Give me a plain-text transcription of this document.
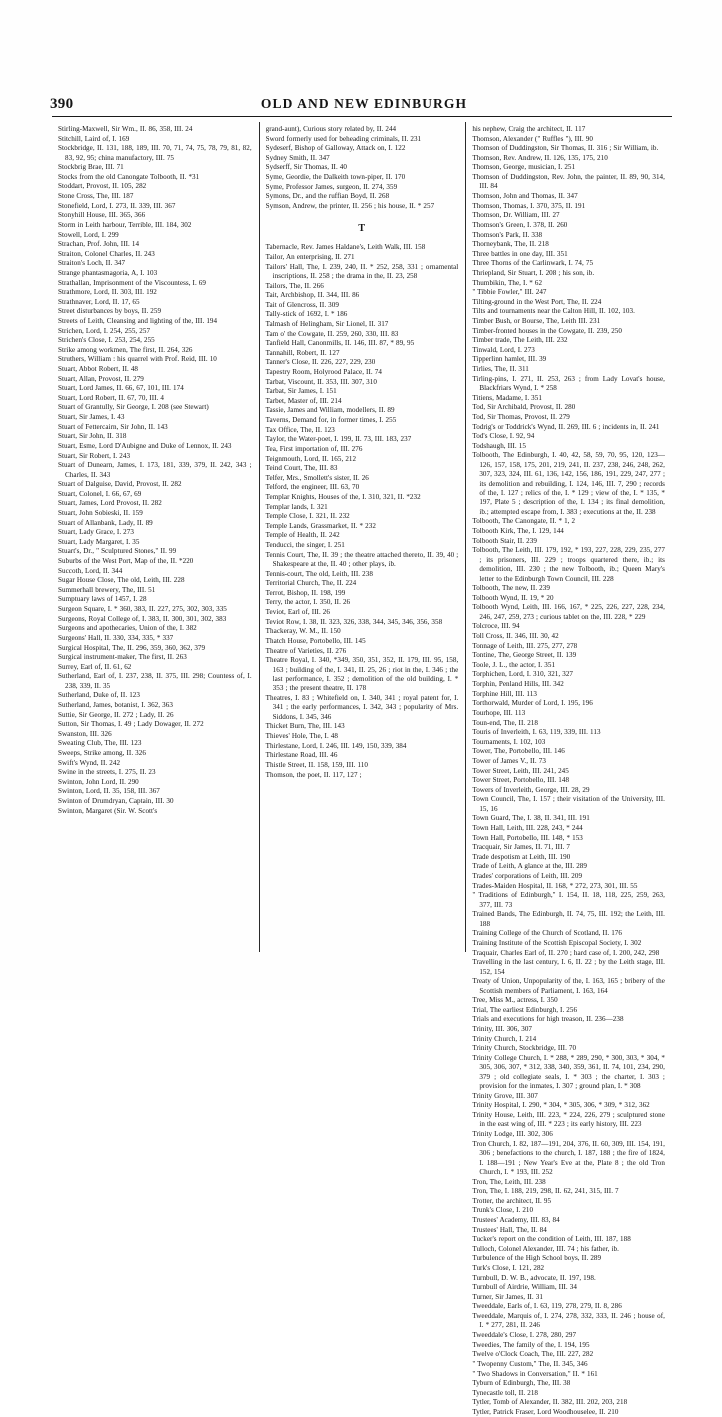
390	OLD AND NEW EDINBURGH
Stirling-Maxwell, Sir Wm., II. 86, 358, III. 24
Stitchill, Laird of, I. 169
Stockbridge, II. 131, 188, 189, III. 70, 71, 74, 75, 78, 79, 81, 82, 83, 92, 95; china manufactory, III. 75
Stockbrig Brae, III. 71
Stocks from the old Canongate Tolbooth, II. *31
Stoddart, Provost, II. 105, 282
Stone Cross, The, III. 187
Stonefield, Lord, I. 273, II. 339, III. 367
Stonyhill House, III. 365, 366
Storm in Leith harbour, Terrible, III. 184, 302
Stowell, Lord, I. 299
Strachan, Prof. John, III. 14
Straiton, Colonel Charles, II. 243
Straiton's Loch, II. 347
Strange phantasmagoria, A, I. 103
Strathallan, Imprisonment of the Viscountess, I. 69
Strathmore, Lord, II. 303, III. 192
Strathnaver, Lord, II. 17, 65
Street disturbances by boys, II. 259
Streets of Leith, Cleansing and lighting of the, III. 194
Strichen, Lord, I. 254, 255, 257
Strichen's Close, I. 253, 254, 255
Strike among workmen, The first, II. 264, 326
Struthers, William : his quarrel with Prof. Reid, III. 10
Stuart, Abbot Robert, II. 48
Stuart, Allan, Provost, II. 279
Stuart, Lord James, II. 66, 67, 101, III. 174
Stuart, Lord Robert, II. 67, 70, III. 4
Stuart of Grantully, Sir George, I. 208 (see Stewart)
Stuart, Sir James, I. 43
Stuart of Fettercairn, Sir John, II. 143
Stuart, Sir John, II. 318
Stuart, Esme, Lord D'Aubigne and Duke of Lennox, II. 243
Stuart, Sir Robert, I. 243
Stuart of Dunearn, James, I. 173, 181, 339, 379, II. 242, 343 ; Charles, II. 343
Stuart of Dalguise, David, Provost, II. 282
Stuart, Colonel, I. 66, 67, 69
Stuart, James, Lord Provost, II. 282
Stuart, John Sobieski, II. 159
Stuart of Allanbank, Lady, II. 89
Stuart, Lady Grace, I. 273
Stuart, Lady Margaret, I. 35
Stuart's, Dr., " Sculptured Stones," II. 99
Suburbs of the West Port, Map of the, II. *220
Succoth, Lord, II. 344
Sugar House Close, The old, Leith, III. 228
Summerhall brewery, The, III. 51
Sumptuary laws of 1457, I. 28
Surgeon Square, I. * 360, 383, II. 227, 275, 302, 303, 335
Surgeons, Royal College of, I. 383, II. 300, 301, 302, 383
Surgeons and apothecaries, Union of the, I. 382
Surgeons' Hall, II. 330, 334, 335, * 337
Surgical Hospital, The, II. 296, 359, 360, 362, 379
Surgical instrument-maker, The first, II. 263
Surrey, Earl of, II. 61, 62
Sutherland, Earl of, I. 237, 238, II. 375, III. 298; Countess of, I. 238, 339, II. 35
Sutherland, Duke of, II. 123
Sutherland, James, botanist, I. 362, 363
Suttie, Sir George, II. 272 ; Lady, II. 26
Sutton, Sir Thomas, I. 49 ; Lady Dowager, II. 272
Swanston, III. 326
Sweating Club, The, III. 123
Sweeps, Strike among, II. 326
Swift's Wynd, II. 242
Swine in the streets, I. 275, II. 23
Swinton, John Lord, II. 290
Swinton, Lord, II. 35, 158, III. 367
Swinton of Drumdryan, Captain, III. 30
Swinton, Margaret (Sir. W. Scott's
grand-aunt), Curious story related by, II. 244
Sword formerly used for beheading criminals, II. 231
Sydeserf, Bishop of Galloway, Attack on, I. 122
Sydney Smith, II. 347
Sydserff, Sir Thomas, II. 40
Syme, Geordie, the Dalkeith town-piper, II. 170
Syme, Professor James, surgeon, II. 274, 359
Symons, Dr., and the ruffian Boyd, II. 268
Symson, Andrew, the printer, II. 256 ; his house, II. * 257
T
Tabernacle, Rev. James Haldane's, Leith Walk, III. 158
Tailor, An enterprising, II. 271
Tailors' Hall, The, I. 239, 240, II. * 252, 258, 331 ; ornamental inscriptions, II. 258 ; the drama in the, II. 23, 258
Tailors, The, II. 266
Tait, Archbishop, II. 344, III. 86
Tait of Glencross, II. 309
Tally-stick of 1692, I. * 186
Talmash of Helingham, Sir Lionel, II. 317
Tam o' the Cowgate, II. 259, 260, 330, III. 83
Tanfield Hall, Canonmills, II. 146, III. 87, * 89, 95
Tannahill, Robert, II. 127
Tanner's Close, II. 226, 227, 229, 230
Tapestry Room, Holyrood Palace, II. 74
Tarbat, Viscount, II. 353, III. 307, 310
Tarbat, Sir James, I. 151
Tarbet, Master of, III. 214
Tassie, James and William, modellers, II. 89
Taverns, Demand for, in former times, I. 255
Tax Office, The, II. 123
Taylor, the Water-poet, I. 199, II. 73, III. 183, 237
Tea, First importation of, III. 276
Teignmouth, Lord, II. 165, 212
Teind Court, The, III. 83
Telfer, Mrs., Smollett's sister, II. 26
Telford, the engineer, III. 63, 70
Templar Knights, Houses of the, I. 310, 321, II. *232
Templar lands, I. 321
Temple Close, I. 321, II. 232
Temple Lands, Grassmarket, II. * 232
Temple of Health, II. 242
Tenducci, the singer, I. 251
Tennis Court, The, II. 39 ; the theatre attached thereto, II. 39, 40 ; Shakespeare at the, II. 40 ; other plays, ib.
Tennis-court, The old, Leith, III. 238
Territorial Church, The, II. 224
Terrot, Bishop, II. 198, 199
Terry, the actor, I. 350, II. 26
Teviot, Earl of, III. 26
Teviot Row, I. 38, II. 323, 326, 338, 344, 345, 346, 356, 358
Thackeray, W. M., II. 150
Thatch House, Portobello, III. 145
Theatre of Varieties, II. 276
Theatre Royal, I. 340, *349, 350, 351, 352, II. 179, III. 95, 158, 163 ; building of the, I. 341, II. 25, 26 ; riot in the, I. 346 ; the last performance, I. 352 ; demolition of the old building, I. * 353 ; the present theatre, II. 178
Theatres, I. 83 ; Whitefield on, I. 340, 341 ; royal patent for, I. 341 ; the early performances, I. 342, 343 ; popularity of Mrs. Siddons, I. 345, 346
Thicket Burn, The, III. 143
Thieves' Hole, The, I. 48
Thirlestane, Lord, I. 246, III. 149, 150, 339, 384
Thirlestane Road, III. 46
Thistle Street, II. 158, 159, III. 110
Thomson, the poet, II. 117, 127 ;
his nephew, Craig the architect, II. 117
Thomson, Alexander (" Ruffles "), III. 90
Thomson of Duddingston, Sir Thomas, II. 316 ; Sir William, ib.
Thomson, Rev. Andrew, II. 126, 135, 175, 210
Thomson, George, musician, I. 251
Thomson of Duddingston, Rev. John, the painter, II. 89, 90, 314, III. 84
Thomson, John and Thomas, II. 347
Thomson, Thomas, I. 370, 375, II. 191
Thomson, Dr. William, III. 27
Thomson's Green, I. 378, II. 260
Thomson's Park, II. 338
Thorneybank, The, II. 218
Three battles in one day, III. 351
Three Thorns of the Carlinwark, I. 74, 75
Thriepland, Sir Stuart, I. 208 ; his son, ib.
Thumbikin, The, I. * 62
" Tibbie Fowler," III. 247
Tilting-ground in the West Port, The, II. 224
Tilts and tournaments near the Calton Hill, II. 102, 103.
Timber Bush, or Bourse, The, Leith III. 231
Timber-fronted houses in the Cowgate, II. 239, 250
Timber trade, The Leith, III. 232
Tinwald, Lord, I. 273
Tipperlinn hamlet, III. 39
Tirlies, The, II. 311
Tirling-pins, I. 271, II. 253, 263 ; from Lady Lovat's house, Blackfriars Wynd, I. * 258
Titiens, Madame, I. 351
Tod, Sir Archibald, Provost, II. 280
Tod, Sir Thomas, Provost, II. 279
Todrig's or Toddrick's Wynd, II. 269, III. 6 ; incidents in, II. 241
Tod's Close, I. 92, 94
Todshaugh, III. 15
Tolbooth, The Edinburgh, I. 40, 42, 58, 59, 70, 95, 120, 123—126, 157, 158, 175, 201, 219, 241, II. 237, 238, 246, 248, 262, 307, 323, 324, III. 61, 136, 142, 156, 186, 191, 229, 247, 277 ; its demolition and rebuilding, I. 124, 146, III. 7, 290 ; records of the, I. 127 ; relics of the, I. * 129 ; view of the, I. * 135, * 197, Plate 5 ; description of the, I. 134 ; its final demolition, ib.; attempted escape from, I. 383 ; executions at the, II. 238
Tolbooth, The Canongate, II. * 1, 2
Tolbooth Kirk, The, I. 129, 144
Tolbooth Stair, II. 239
Tolbooth, The Leith, III. 179, 192, * 193, 227, 228, 229, 235, 277 ; its prisoners, III. 229 ; troops quartered there, ib.; its demolition, III. 230 ; the new Tolbooth, ib.; Queen Mary's letter to the Edinburgh Town Council, III. 228
Tolbooth, The new, II. 239
Tolbooth Wynd, II. 19, * 20
Tolbooth Wynd, Leith, III. 166, 167, * 225, 226, 227, 228, 234, 246, 247, 259, 273 ; curious tablet on the, III. 228, * 229
Tolcroce, III. 94
Toll Cross, II. 346, III. 30, 42
Tonnage of Leith, III. 275, 277, 278
Tontine, The, George Street, II. 139
Toole, J. L., the actor, I. 351
Torphichen, Lord, I. 310, 321, 327
Torphin, Penland Hills, III. 342
Torphine Hill, III. 113
Torthorwald, Murder of Lord, I. 195, 196
Tourhope, III. 113
Toun-end, The, II. 218
Touris of Inverleith, I. 63, 119, 339, III. 113
Tournaments, I. 102, 103
Tower, The, Portobello, III. 146
Tower of James V., II. 73
Tower Street, Leith, III. 241, 245
Tower Street, Portobello, III. 148
Towers of Inverleith, George, III. 28, 29
Town Council, The, I. 157 ; their visitation of the University, III. 15, 16
Town Guard, The, I. 38, II. 341, III. 191
Town Hall, Leith, III. 228, 243, * 244
Town Hall, Portobello, III. 148, * 153
Tracquair, Sir James, II. 71, III. 7
Trade despotism at Leith, III. 190
Trade of Leith, A glance at the, III. 289
Trades' corporations of Leith, III. 209
Trades-Maiden Hospital, II. 168, * 272, 273, 301, III. 55
" Traditions of Edinburgh," I. 154, II. 18, 118, 225, 259, 263, 377, III. 73
Trained Bands, The Edinburgh, II. 74, 75, III. 192; the Leith, III. 188
Training College of the Church of Scotland, II. 176
Training Institute of the Scottish Episcopal Society, I. 302
Traquair, Charles Earl of, II. 270 ; hard case of, I. 200, 242, 298
Travelling in the last century, I. 6, II. 22 ; by the Leith stage, III. 152, 154
Treaty of Union, Unpopularity of the, I. 163, 165 ; bribery of the Scottish members of Parliament, I. 163, 164
Tree, Miss M., actress, I. 350
Trial, The earliest Edinburgh, I. 256
Trials and executions for high treason, II. 236—238
Trinity, III. 306, 307
Trinity Church, I. 214
Trinity Church, Stockbridge, III. 70
Trinity College Church, I. * 288, * 289, 290, * 300, 303, * 304, * 305, 306, 307, * 312, 338, 340, 359, 361, II. 74, 101, 234, 290, 379 ; old collegiate seals, I. * 303 ; the charter, I. 303 ; provision for the inmates, I. 307 ; ground plan, I. * 308
Trinity Grove, III. 307
Trinity Hospital, I. 290, * 304, * 305, 306, * 309, * 312, 362
Trinity House, Leith, III. 223, * 224, 226, 279 ; sculptured stone in the east wing of, III. * 223 ; its early history, III. 223
Trinity Lodge, III. 302, 306
Tron Church, I. 82, 187—191, 204, 376, II. 60, 309, III. 154, 191, 306 ; benefactions to the church, I. 187, 188 ; the fire of 1824, I. 188—191 ; New Year's Eve at the, Plate 8 ; the old Tron Church, I. * 193, III. 252
Tron, The, Leith, III. 238
Tron, The, I. 188, 219, 298, II. 62, 241, 315, III. 7
Trotter, the architect, II. 95
Trunk's Close, I. 210
Trustees' Academy, III. 83, 84
Trustees' Hall, The, II. 84
Tucker's report on the condition of Leith, III. 187, 188
Tulloch, Colonel Alexander, III. 74 ; his father, ib.
Turbulence of the High School boys, II. 289
Turk's Close, I. 121, 282
Turnbull, D. W. B., advocate, II. 197, 198.
Turnbull of Airdrie, William, III. 34
Turner, Sir James, II. 31
Tweeddale, Earls of, I. 63, 119, 278, 279, II. 8, 286
Tweeddale, Marquis of, I. 274, 278, 332, 333, II. 246 ; house of, I. * 277, 281, II. 246
Tweeddale's Close, I. 278, 280, 297
Tweedies, The family of the, I. 194, 195
Twelve o'Clock Coach, The, III. 227, 282
" Twopenny Custom," The, II. 345, 346
" Two Shadows in Conversation," II. * 161
Tyburn of Edinburgh, The, III. 38
Tynecastle toll, II. 218
Tytler, Tomb of Alexander, II. 382, III. 202, 203, 218
Tytler, Patrick Fraser, Lord Woodhouselee, II. 210
